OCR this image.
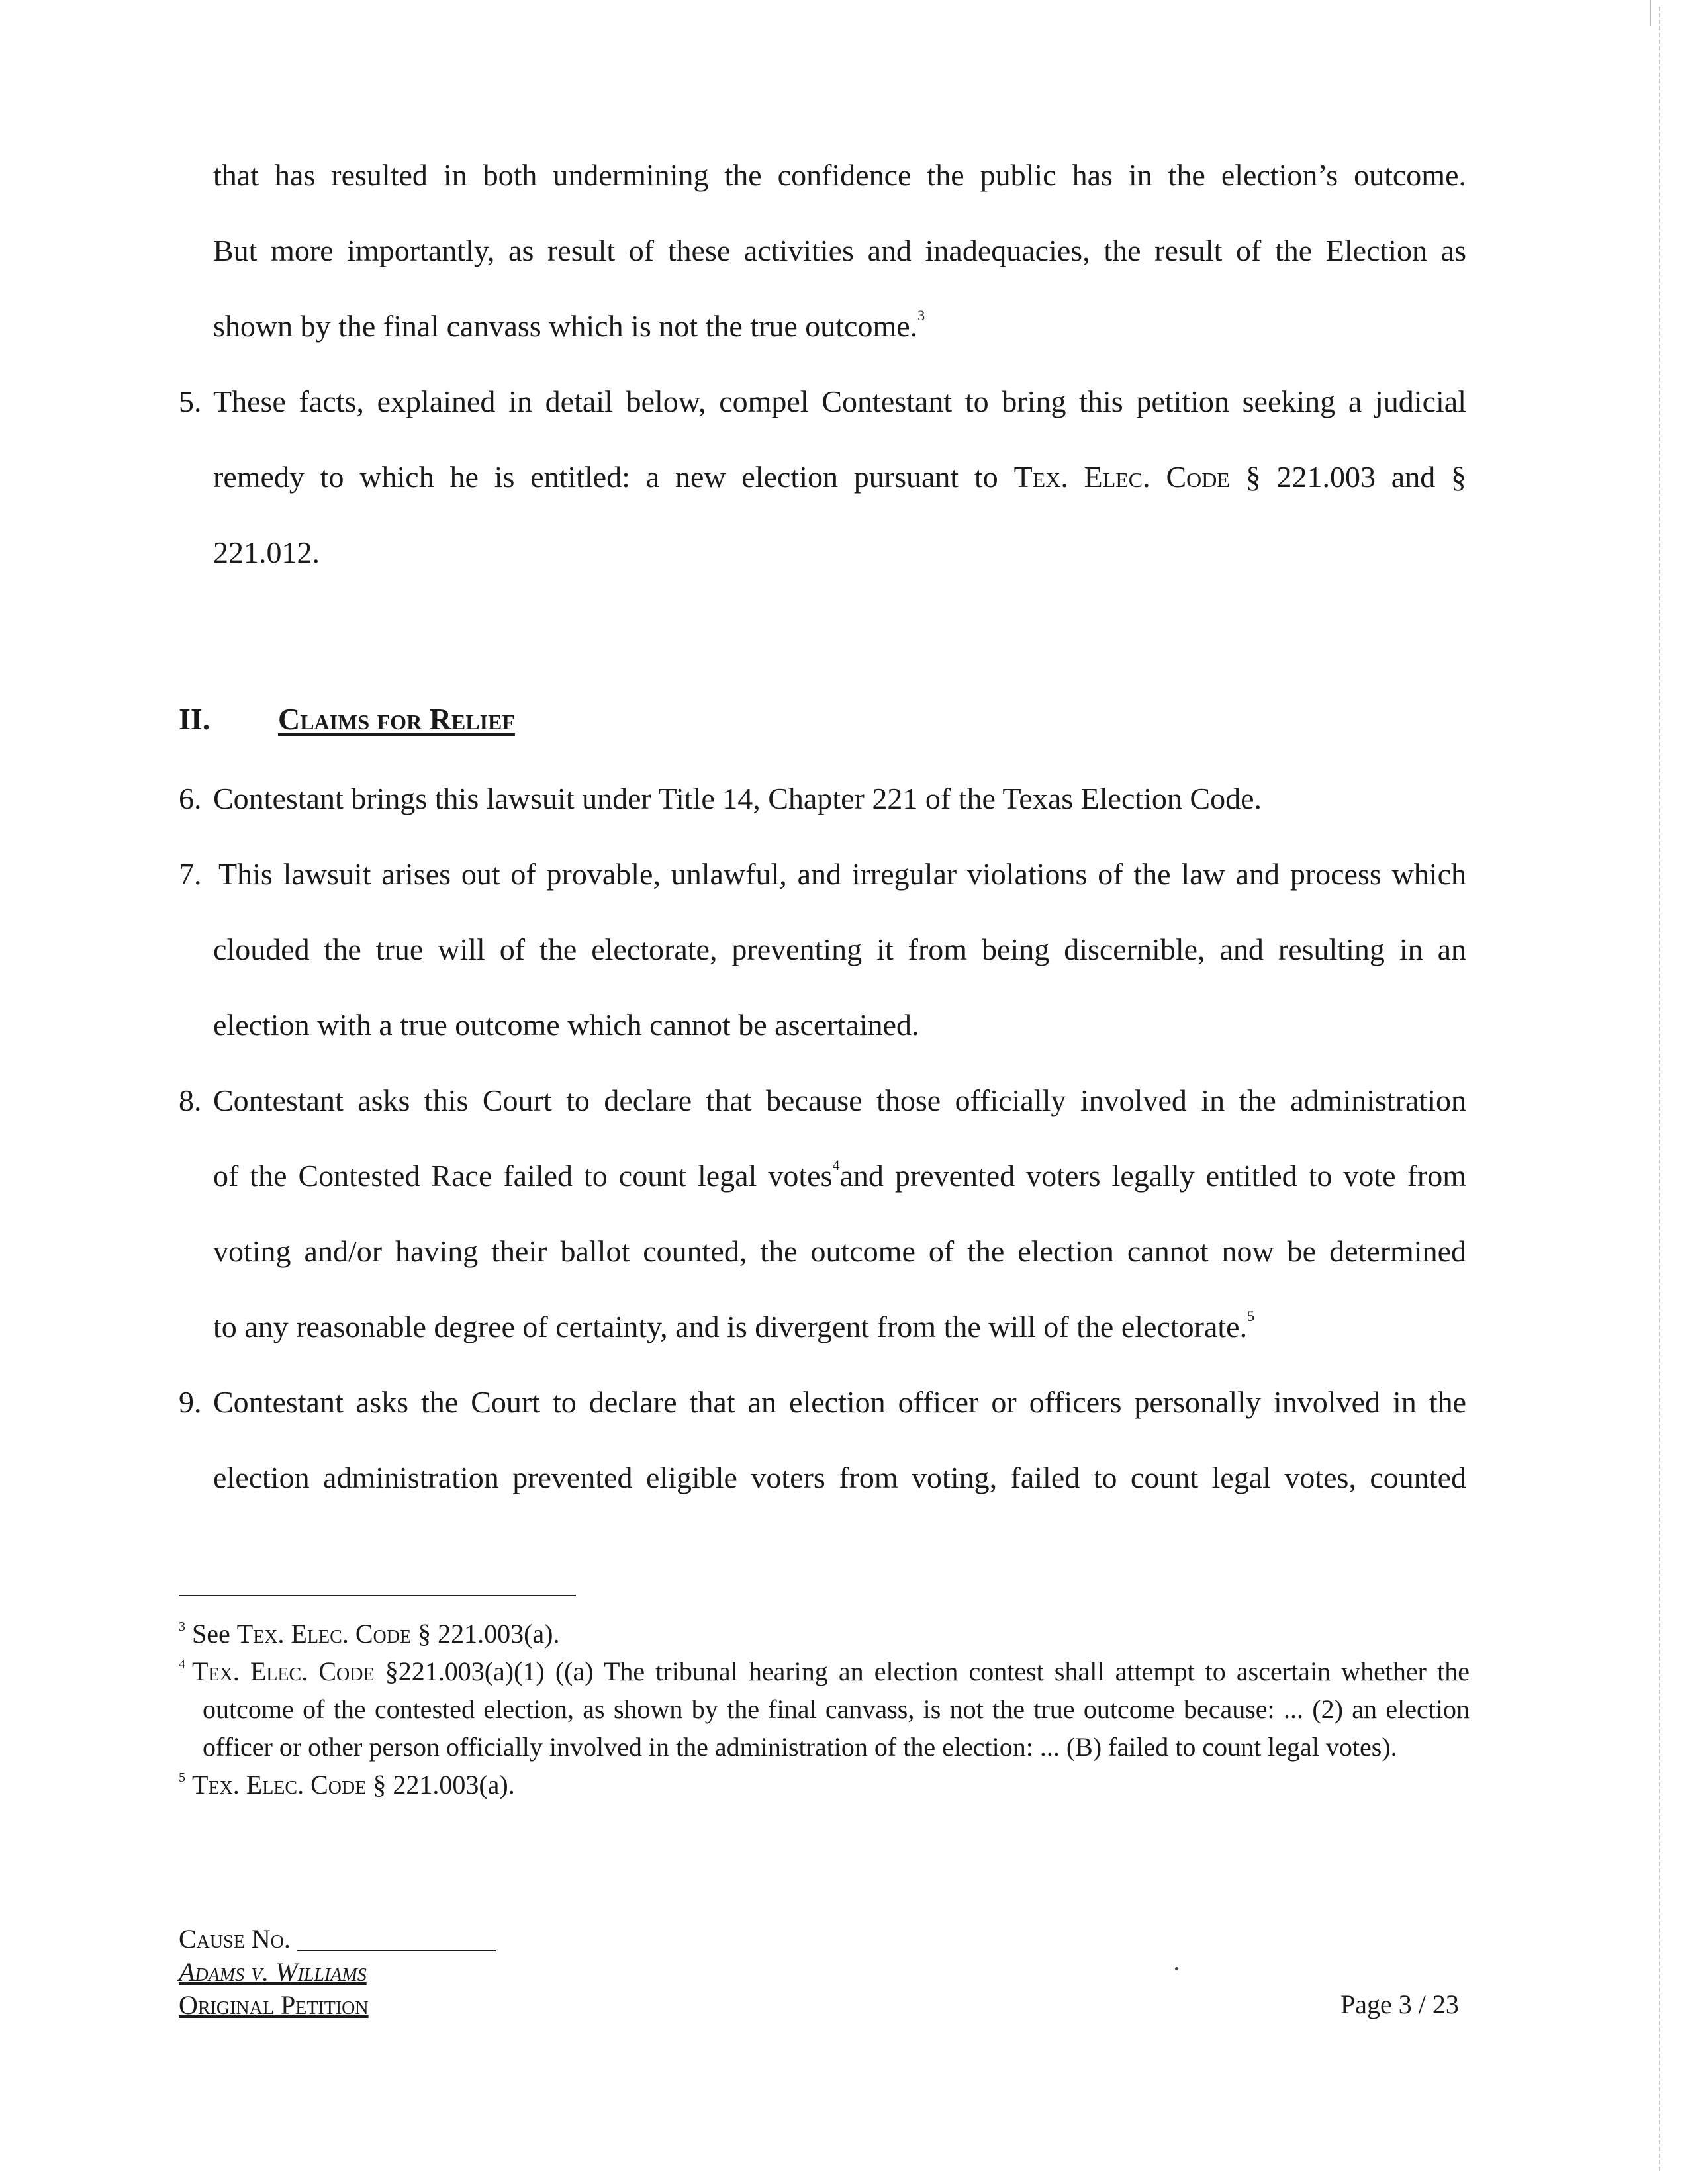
that has resulted in both undermining the confidence the public has in the election’s outcome.
But more importantly, as result of these activities and inadequacies, the result of the Election as
shown by the final canvass which is not the true outcome.$^3$
5. These facts, explained in detail below, compel Contestant to bring this petition seeking a judicial
remedy to which he is entitled: a new election pursuant to Tex. Elec. Code § 221.003 and §
221.012.
II. Claims for Relief
6. Contestant brings this lawsuit under Title 14, Chapter 221 of the Texas Election Code.
7. This lawsuit arises out of provable, unlawful, and irregular violations of the law and process which
clouded the true will of the electorate, preventing it from being discernible, and resulting in an
election with a true outcome which cannot be ascertained.
8. Contestant asks this Court to declare that because those officially involved in the administration
of the Contested Race failed to count legal votes$^4$and prevented voters legally entitled to vote from
voting and/or having their ballot counted, the outcome of the election cannot now be determined
to any reasonable degree of certainty, and is divergent from the will of the electorate.$^5$
9. Contestant asks the Court to declare that an election officer or officers personally involved in the
election administration prevented eligible voters from voting, failed to count legal votes, counted
3 See Tex. Elec. Code § 221.003(a).
4 Tex. Elec. Code §221.003(a)(1) ((a) The tribunal hearing an election contest shall attempt to ascertain whether the outcome of the contested election, as shown by the final canvass, is not the true outcome because: ... (2) an election officer or other person officially involved in the administration of the election: ... (B) failed to count legal votes).
5 Tex. Elec. Code § 221.003(a).
Cause No. _______________
Adams v. Williams
Original Petition	Page 3 / 23
